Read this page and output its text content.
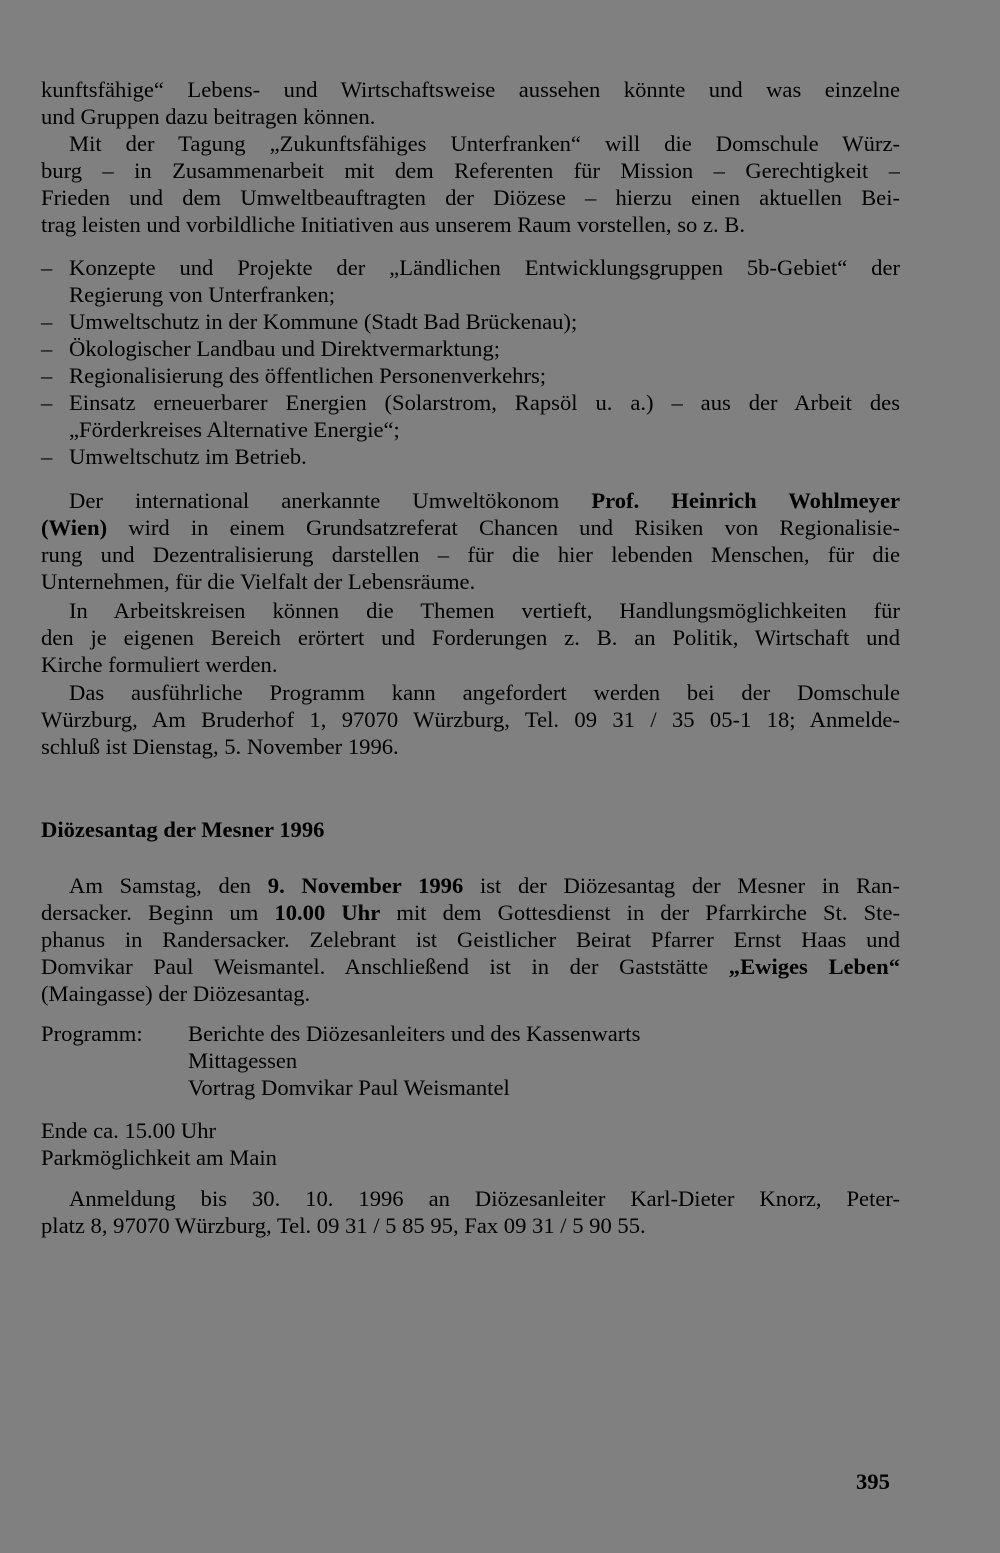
kunftsfähige“ Lebens- und Wirtschaftsweise aussehen könnte und was einzelne
und Gruppen dazu beitragen können.
Mit der Tagung „Zukunftsfähiges Unterfranken“ will die Domschule Würz-
burg – in Zusammenarbeit mit dem Referenten für Mission – Gerechtigkeit –
Frieden und dem Umweltbeauftragten der Diözese – hierzu einen aktuellen Bei-
trag leisten und vorbildliche Initiativen aus unserem Raum vorstellen, so z. B.
– Konzepte und Projekte der „Ländlichen Entwicklungsgruppen 5b-Gebiet“ der
Regierung von Unterfranken;
– Umweltschutz in der Kommune (Stadt Bad Brückenau);
– Ökologischer Landbau und Direktvermarktung;
– Regionalisierung des öffentlichen Personenverkehrs;
– Einsatz erneuerbarer Energien (Solarstrom, Rapsöl u. a.) – aus der Arbeit des
„Förderkreises Alternative Energie“;
– Umweltschutz im Betrieb.
Der international anerkannte Umweltökonom Prof. Heinrich Wohlmeyer
(Wien) wird in einem Grundsatzreferat Chancen und Risiken von Regionalisie-
rung und Dezentralisierung darstellen – für die hier lebenden Menschen, für die
Unternehmen, für die Vielfalt der Lebensräume.
In Arbeitskreisen können die Themen vertieft, Handlungsmöglichkeiten für
den je eigenen Bereich erörtert und Forderungen z. B. an Politik, Wirtschaft und
Kirche formuliert werden.
Das ausführliche Programm kann angefordert werden bei der Domschule
Würzburg, Am Bruderhof 1, 97070 Würzburg, Tel. 09 31 / 35 05-1 18; Anmelde-
schluß ist Dienstag, 5. November 1996.
Diözesantag der Mesner 1996
Am Samstag, den 9. November 1996 ist der Diözesantag der Mesner in Ran-
dersacker. Beginn um 10.00 Uhr mit dem Gottesdienst in der Pfarrkirche St. Ste-
phanus in Randersacker. Zelebrant ist Geistlicher Beirat Pfarrer Ernst Haas und
Domvikar Paul Weismantel. Anschließend ist in der Gaststätte „Ewiges Leben“
(Maingasse) der Diözesantag.
Programm: Berichte des Diözesanleiters und des Kassenwarts
Mittagessen
Vortrag Domvikar Paul Weismantel
Ende ca. 15.00 Uhr
Parkmöglichkeit am Main
Anmeldung bis 30. 10. 1996 an Diözesanleiter Karl-Dieter Knorz, Peter-
platz 8, 97070 Würzburg, Tel. 09 31 / 5 85 95, Fax 09 31 / 5 90 55.
395
